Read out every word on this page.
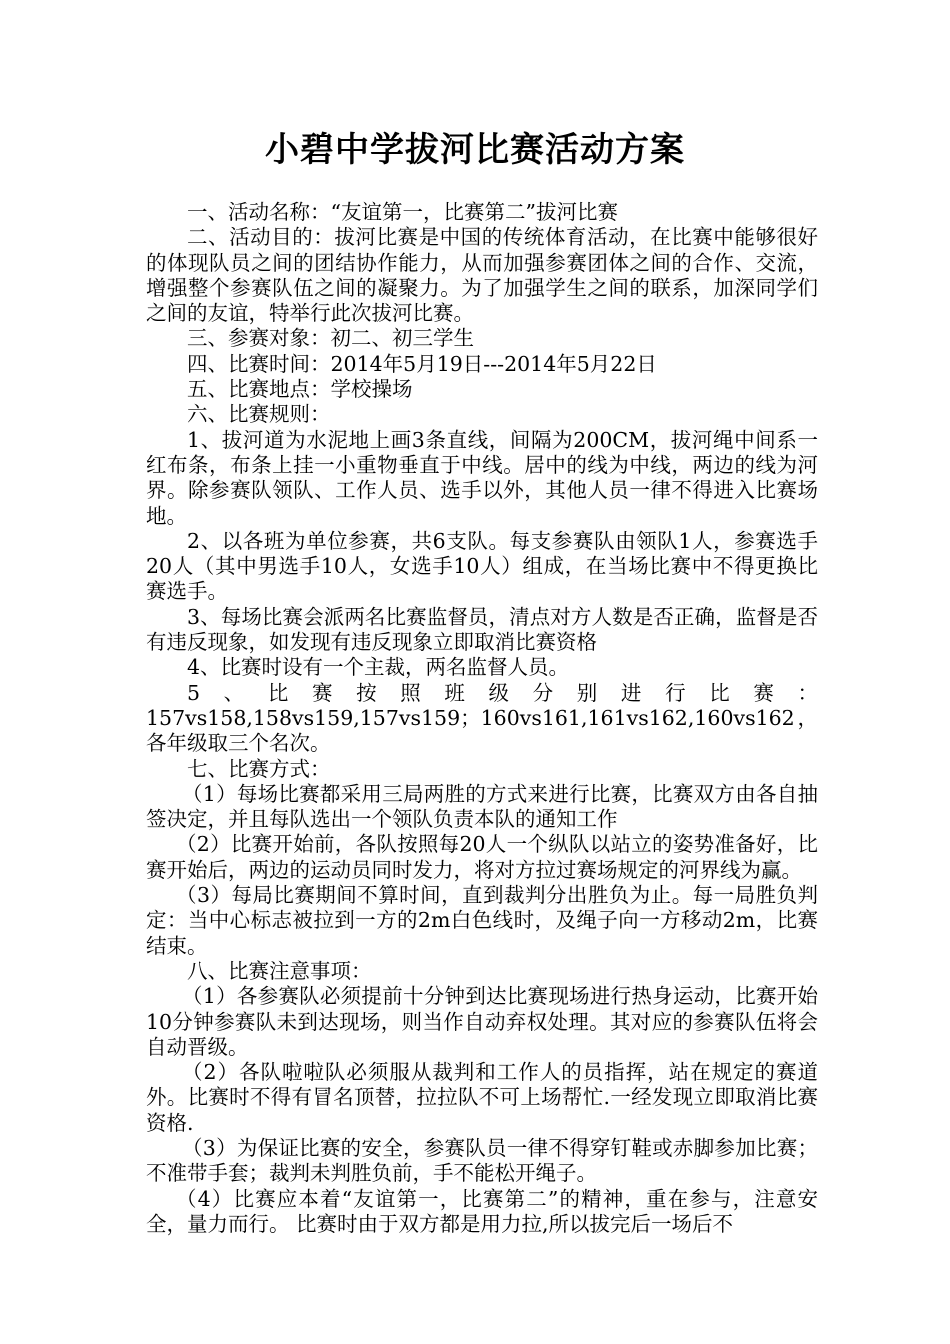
小碧中学拔河比赛活动方案

一、活动名称：“友谊第一，比赛第二”拔河比赛

二、活动目的：拔河比赛是中国的传统体育活动，在比赛中能够很好的体现队员之间的团结协作能力，从而加强参赛团体之间的合作、交流，增强整个参赛队伍之间的凝聚力。为了加强学生之间的联系，加深同学们之间的友谊，特举行此次拔河比赛。

三、参赛对象：初二、初三学生

四、比赛时间：2014年5月19日---2014年5月22日

五、比赛地点：学校操场

六、比赛规则：

1、拔河道为水泥地上画3条直线，间隔为200CM，拔河绳中间系一红布条，布条上挂一小重物垂直于中线。居中的线为中线，两边的线为河界。除参赛队领队、工作人员、选手以外，其他人员一律不得进入比赛场地。

2、以各班为单位参赛，共6支队。每支参赛队由领队1人，参赛选手20人（其中男选手10人，女选手10人）组成，在当场比赛中不得更换比赛选手。

3、每场比赛会派两名比赛监督员，清点对方人数是否正确，监督是否有违反现象，如发现有违反现象立即取消比赛资格

4、比赛时设有一个主裁，两名监督人员。

5、比赛按照班级分别进行比赛：157vs158,158vs159,157vs159；160vs161,161vs162,160vs162，各年级取三个名次。

七、比赛方式：

（1）每场比赛都采用三局两胜的方式来进行比赛，比赛双方由各自抽签决定，并且每队选出一个领队负责本队的通知工作

（2）比赛开始前，各队按照每20人一个纵队以站立的姿势准备好，比赛开始后，两边的运动员同时发力，将对方拉过赛场规定的河界线为赢。

（3）每局比赛期间不算时间，直到裁判分出胜负为止。每一局胜负判定：当中心标志被拉到一方的2m白色线时，及绳子向一方移动2m，比赛结束。

八、比赛注意事项：

（1）各参赛队必须提前十分钟到达比赛现场进行热身运动，比赛开始10分钟参赛队未到达现场，则当作自动弃权处理。其对应的参赛队伍将会自动晋级。

（2）各队啦啦队必须服从裁判和工作人的员指挥，站在规定的赛道外。比赛时不得有冒名顶替，拉拉队不可上场帮忙.一经发现立即取消比赛资格.

（3）为保证比赛的安全，参赛队员一律不得穿钉鞋或赤脚参加比赛；不准带手套；裁判未判胜负前，手不能松开绳子。

（4）比赛应本着“友谊第一，比赛第二”的精神，重在参与，注意安全，量力而行。 比赛时由于双方都是用力拉,所以拔完后一场后不
